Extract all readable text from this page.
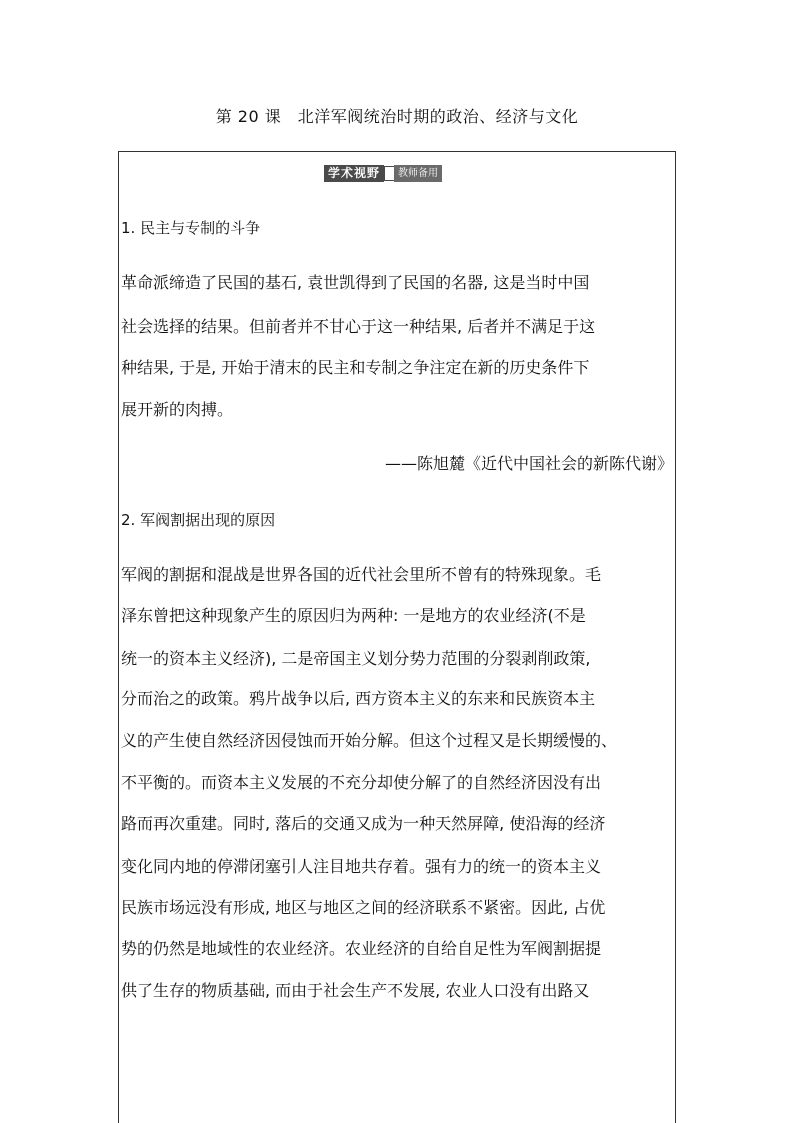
第 20 课　北洋军阀统治时期的政治、经济与文化
学术视野	教师备用
1. 民主与专制的斗争
革命派缔造了民国的基石, 袁世凯得到了民国的名器, 这是当时中国
社会选择的结果。但前者并不甘心于这一种结果, 后者并不满足于这
种结果, 于是, 开始于清末的民主和专制之争注定在新的历史条件下
展开新的肉搏。
——陈旭麓《近代中国社会的新陈代谢》
2. 军阀割据出现的原因
军阀的割据和混战是世界各国的近代社会里所不曾有的特殊现象。毛
泽东曾把这种现象产生的原因归为两种: 一是地方的农业经济(不是
统一的资本主义经济), 二是帝国主义划分势力范围的分裂剥削政策,
分而治之的政策。鸦片战争以后, 西方资本主义的东来和民族资本主
义的产生使自然经济因侵蚀而开始分解。但这个过程又是长期缓慢的、
不平衡的。而资本主义发展的不充分却使分解了的自然经济因没有出
路而再次重建。同时, 落后的交通又成为一种天然屏障, 使沿海的经济
变化同内地的停滞闭塞引人注目地共存着。强有力的统一的资本主义
民族市场远没有形成, 地区与地区之间的经济联系不紧密。因此, 占优
势的仍然是地域性的农业经济。农业经济的自给自足性为军阀割据提
供了生存的物质基础, 而由于社会生产不发展, 农业人口没有出路又
